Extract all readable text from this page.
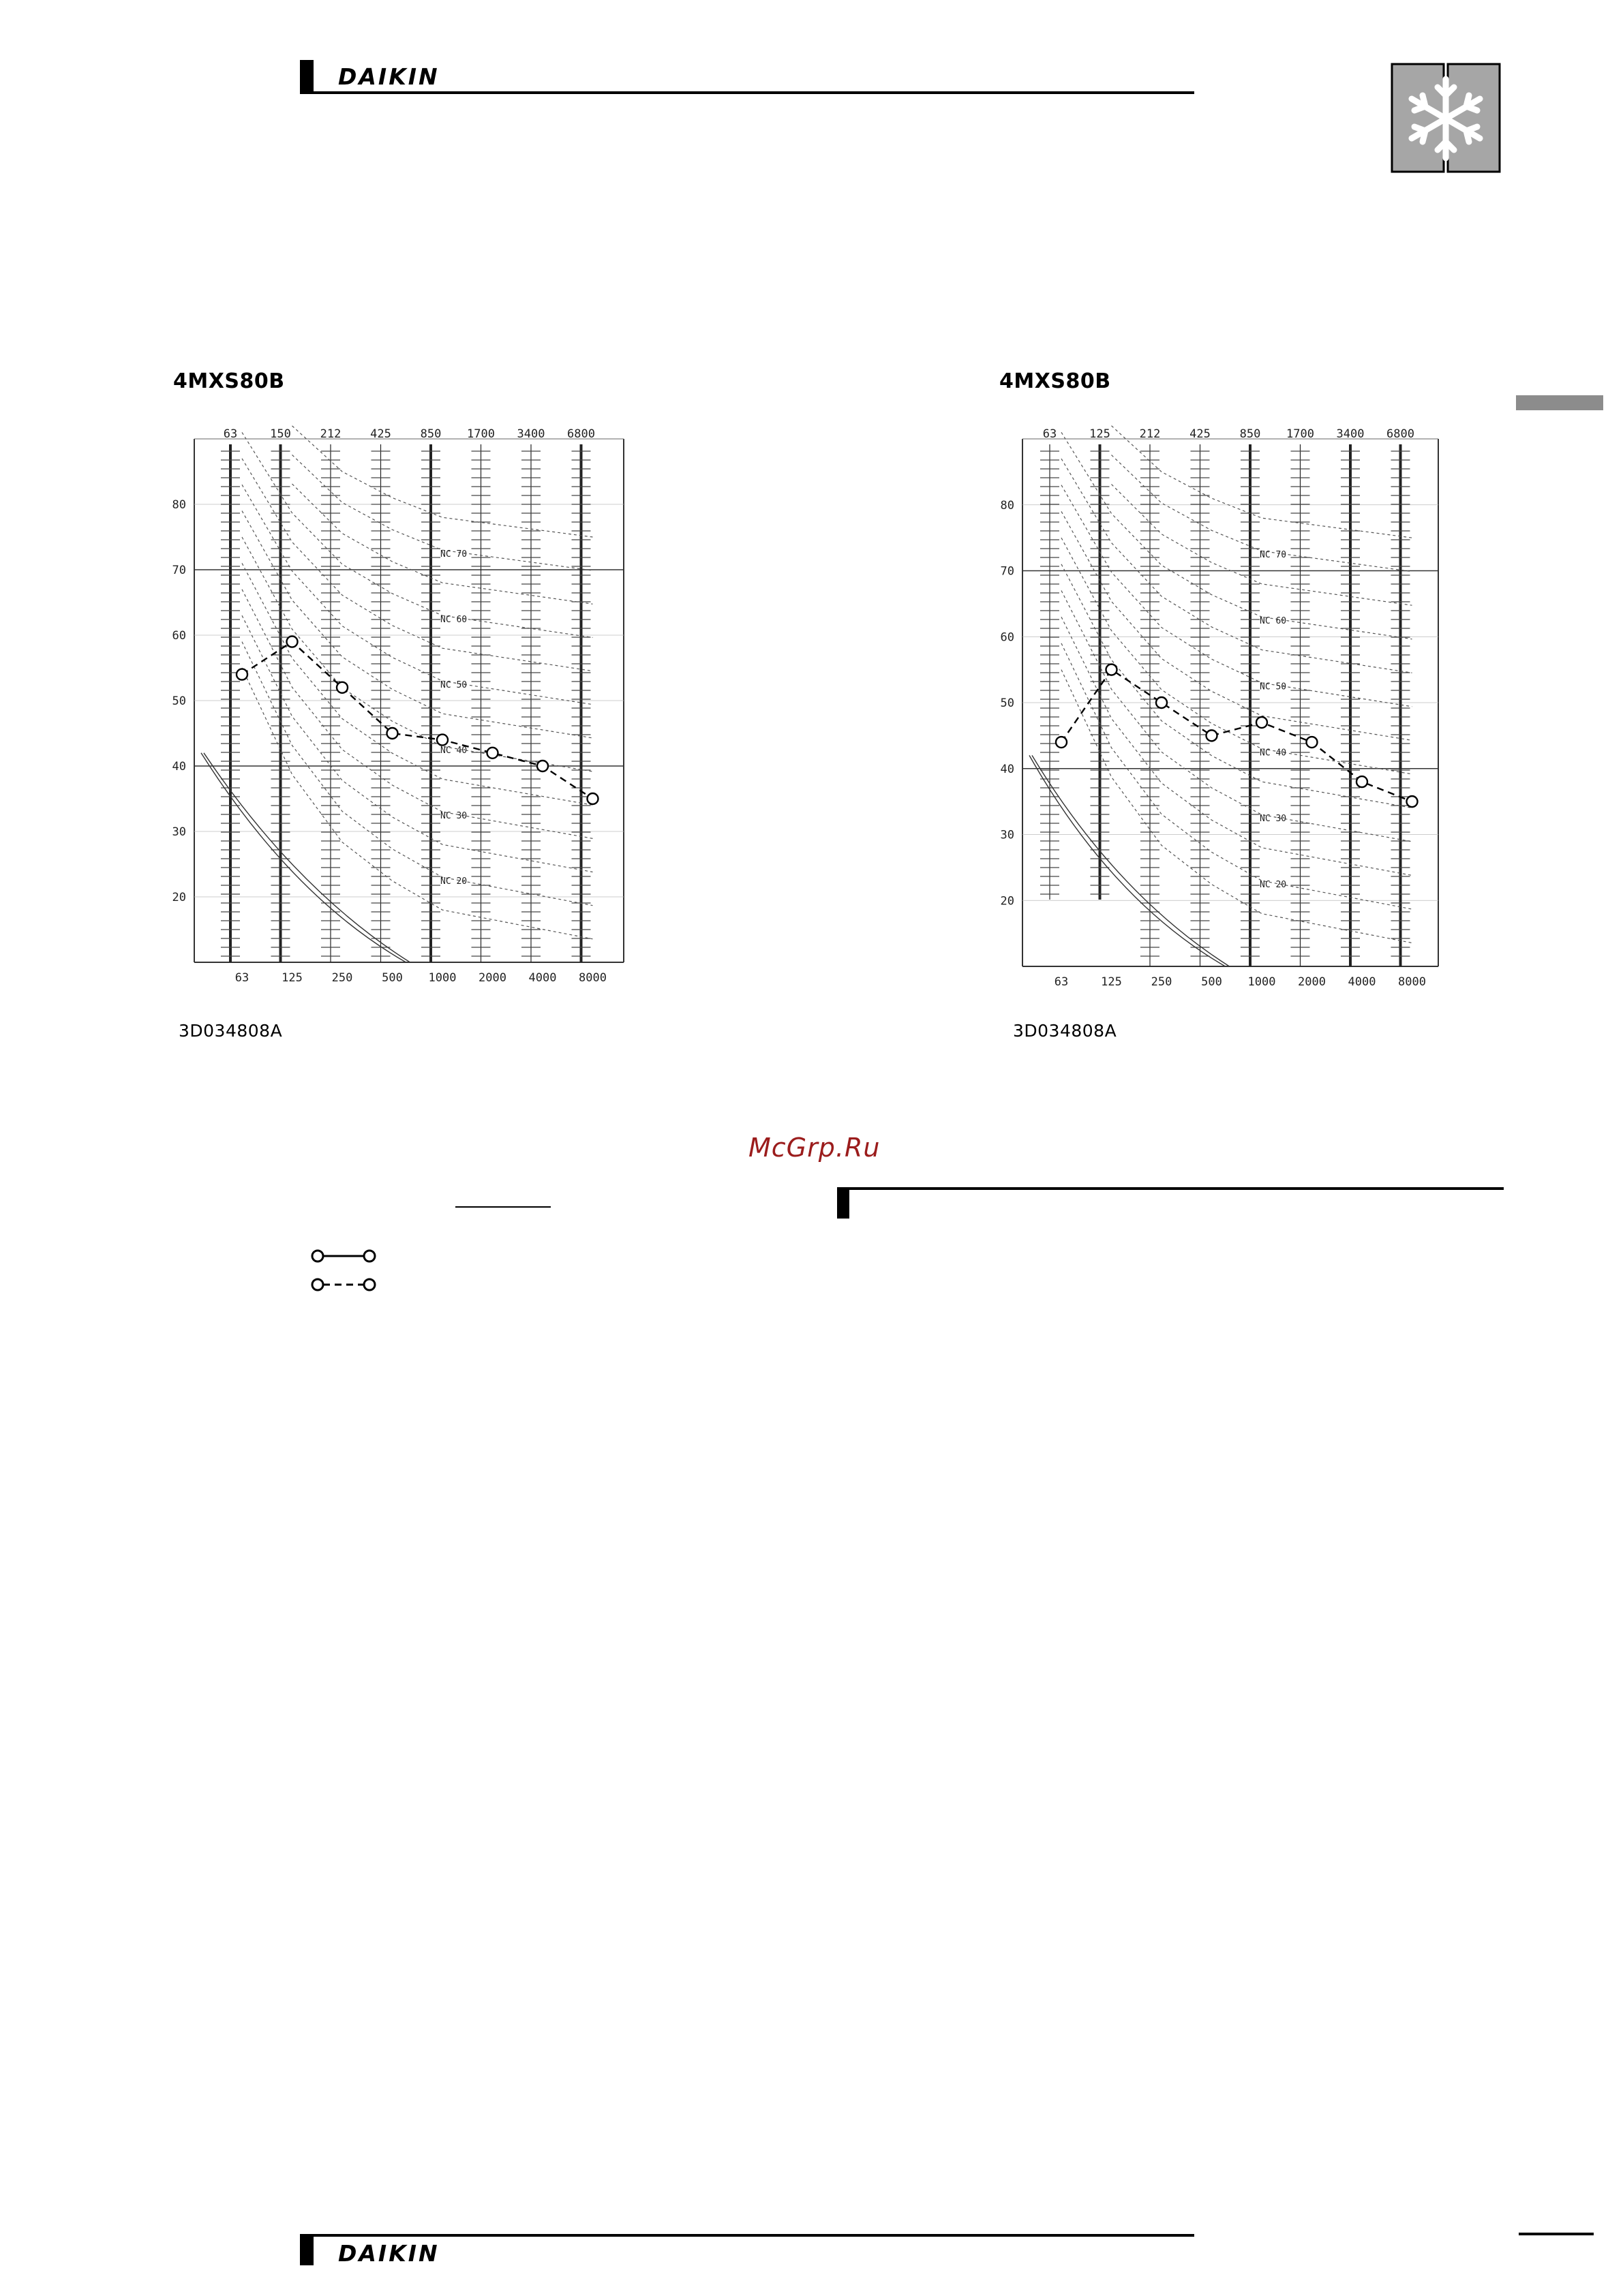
DAIKIN
4MXS80B	4MXS80B
80
70
60
50
40
30
20
63	150	212	425	850 1700 3400 6800
63	125	250	500 1000 2000 4000 8000
NC 70
NC 60
NC 50
NC 40
NC 30
NC 20
80
70
60
50
40
30
20
63	125	212	425	850 1700 3400 6800
63	125	250	500 1000 2000 4000 8000
NC 70
NC 60
NC 50
NC 40
NC 30
NC 20
3D034808A	3D034808A
McGrp.Ru
DAIKIN
